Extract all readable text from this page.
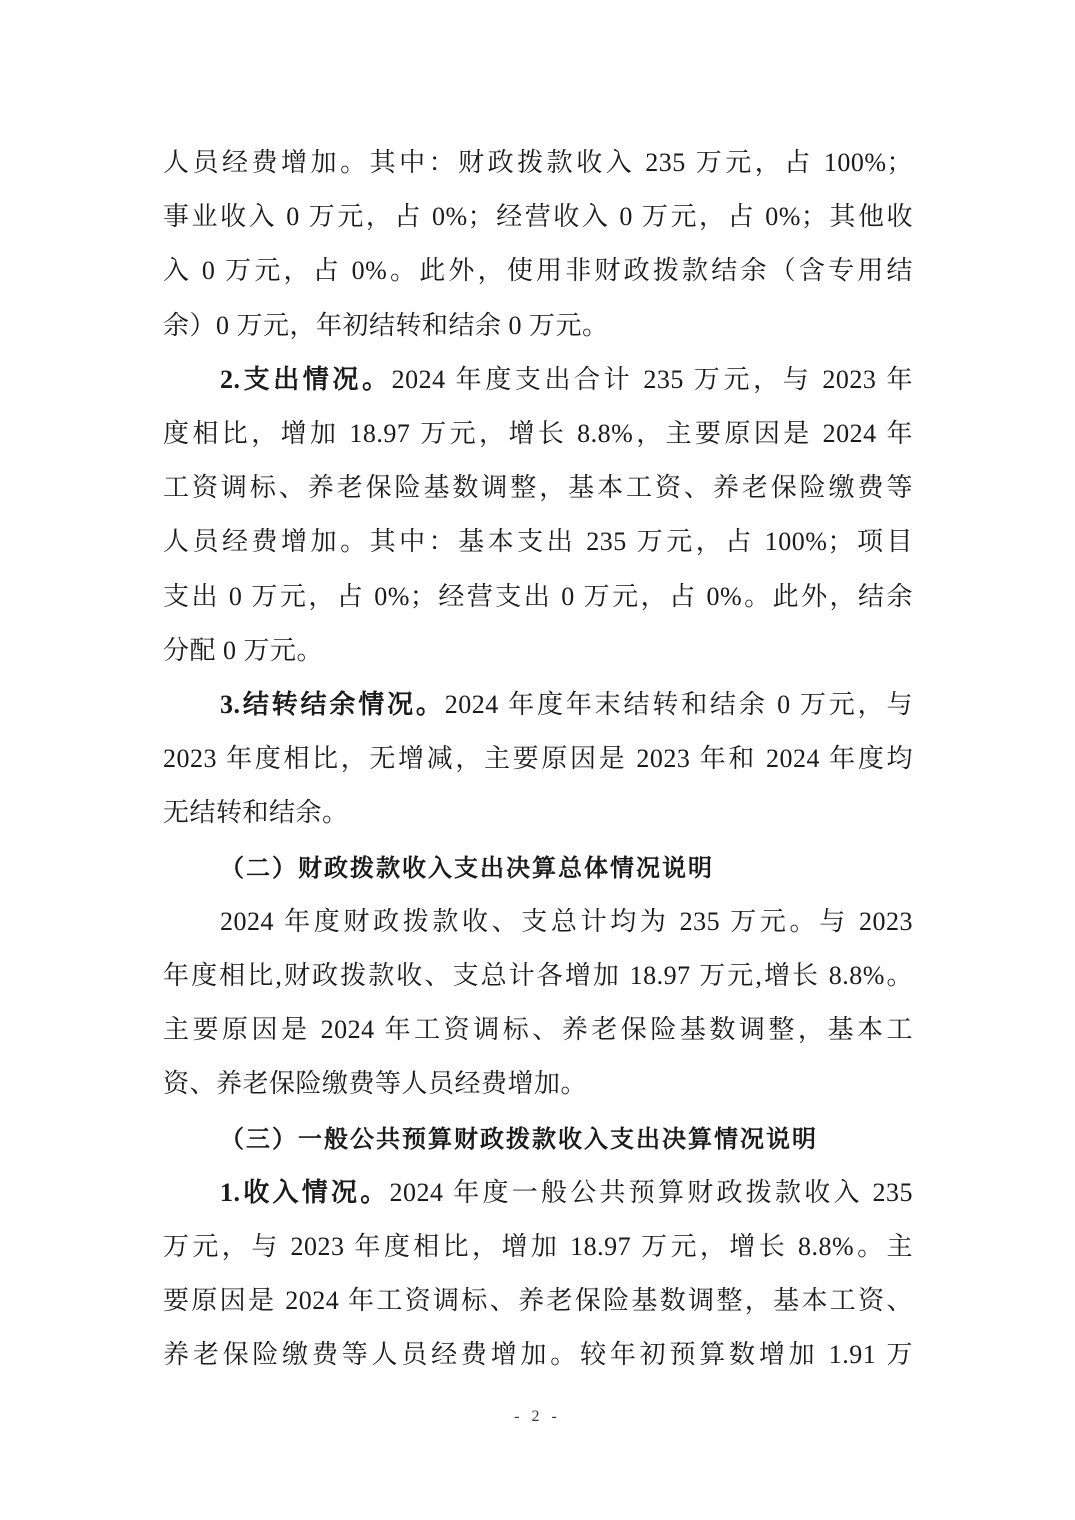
人员经费增加。其中：财政拨款收入 235 万元，占 100%；
事业收入 0 万元，占 0%；经营收入 0 万元，占 0%；其他收
入 0 万元，占 0%。此外，使用非财政拨款结余（含专用结
余）0 万元，年初结转和结余 0 万元。
2.支出情况。2024 年度支出合计 235 万元，与 2023 年
度相比，增加 18.97 万元，增长 8.8%，主要原因是 2024 年
工资调标、养老保险基数调整，基本工资、养老保险缴费等
人员经费增加。其中：基本支出 235 万元，占 100%；项目
支出 0 万元，占 0%；经营支出 0 万元，占 0%。此外，结余
分配 0 万元。
3.结转结余情况。2024 年度年末结转和结余 0 万元，与
2023 年度相比，无增减，主要原因是 2023 年和 2024 年度均
无结转和结余。
（二）财政拨款收入支出决算总体情况说明
2024 年度财政拨款收、支总计均为 235 万元。与 2023
年度相比,财政拨款收、支总计各增加 18.97 万元,增长 8.8%。
主要原因是 2024 年工资调标、养老保险基数调整，基本工
资、养老保险缴费等人员经费增加。
（三）一般公共预算财政拨款收入支出决算情况说明
1.收入情况。2024 年度一般公共预算财政拨款收入 235
万元，与 2023 年度相比，增加 18.97 万元，增长 8.8%。主
要原因是 2024 年工资调标、养老保险基数调整，基本工资、
养老保险缴费等人员经费增加。较年初预算数增加 1.91 万
- 2 -
